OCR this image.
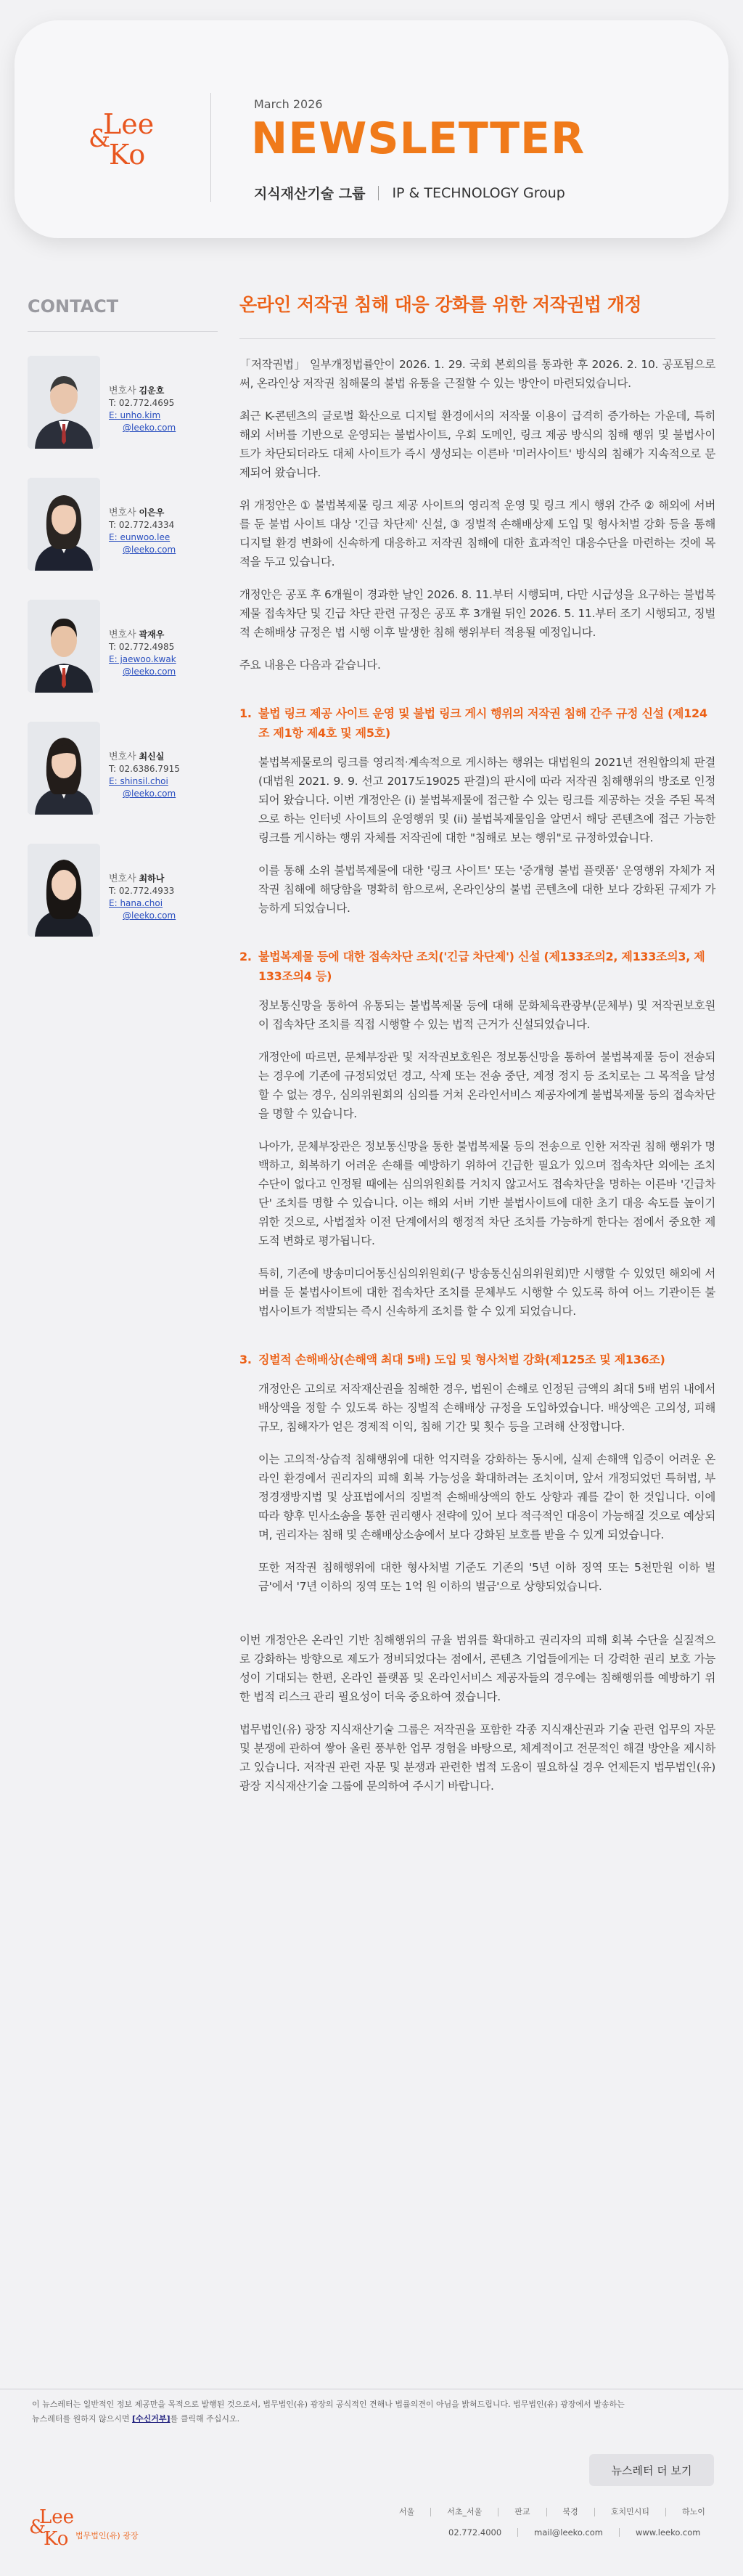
Lee
&
Ko
March 2026
NEWSLETTER
지식재산기술 그룹 IP & TECHNOLOGY Group
CONTACT
변호사 김운호
T: 02.772.4695
E: unho.kim
@leeko.com
변호사 이은우
T: 02.772.4334
E: eunwoo.lee
@leeko.com
변호사 곽재우
T: 02.772.4985
E: jaewoo.kwak
@leeko.com
변호사 최신실
T: 02.6386.7915
E: shinsil.choi
@leeko.com
변호사 최하나
T: 02.772.4933
E: hana.choi
@leeko.com
온라인 저작권 침해 대응 강화를 위한 저작권법 개정

「저작권법」 일부개정법률안이 2026. 1. 29. 국회 본회의를 통과한 후 2026. 2. 10. 공포됨으로써, 온라인상 저작권 침해물의 불법 유통을 근절할 수 있는 방안이 마련되었습니다.

최근 K-콘텐츠의 글로벌 확산으로 디지털 환경에서의 저작물 이용이 급격히 증가하는 가운데, 특히 해외 서버를 기반으로 운영되는 불법사이트, 우회 도메인, 링크 제공 방식의 침해 행위 및 불법사이트가 차단되더라도 대체 사이트가 즉시 생성되는 이른바 '미러사이트' 방식의 침해가 지속적으로 문제되어 왔습니다.

위 개정안은 ① 불법복제물 링크 제공 사이트의 영리적 운영 및 링크 게시 행위 간주 ② 해외에 서버를 둔 불법 사이트 대상 '긴급 차단제' 신설, ③ 징벌적 손해배상제 도입 및 형사처벌 강화 등을 통해 디지털 환경 변화에 신속하게 대응하고 저작권 침해에 대한 효과적인 대응수단을 마련하는 것에 목적을 두고 있습니다.

개정안은 공포 후 6개월이 경과한 날인 2026. 8. 11.부터 시행되며, 다만 시급성을 요구하는 불법복제물 접속차단 및 긴급 차단 관련 규정은 공포 후 3개월 뒤인 2026. 5. 11.부터 조기 시행되고, 징벌적 손해배상 규정은 법 시행 이후 발생한 침해 행위부터 적용될 예정입니다.

주요 내용은 다음과 같습니다.

1. 불법 링크 제공 사이트 운영 및 불법 링크 게시 행위의 저작권 침해 간주 규정 신설 (제124조 제1항 제4호 및 제5호)

불법복제물로의 링크를 영리적·계속적으로 게시하는 행위는 대법원의 2021년 전원합의체 판결(대법원 2021. 9. 9. 선고 2017도19025 판결)의 판시에 따라 저작권 침해행위의 방조로 인정되어 왔습니다. 이번 개정안은 (i) 불법복제물에 접근할 수 있는 링크를 제공하는 것을 주된 목적으로 하는 인터넷 사이트의 운영행위 및 (ii) 불법복제물임을 알면서 해당 콘텐츠에 접근 가능한 링크를 게시하는 행위 자체를 저작권에 대한 "침해로 보는 행위"로 규정하였습니다.

이를 통해 소위 불법복제물에 대한 '링크 사이트' 또는 '중개형 불법 플랫폼' 운영행위 자체가 저작권 침해에 해당함을 명확히 함으로써, 온라인상의 불법 콘텐츠에 대한 보다 강화된 규제가 가능하게 되었습니다.

2. 불법복제물 등에 대한 접속차단 조치('긴급 차단제') 신설 (제133조의2, 제133조의3, 제133조의4 등)

정보통신망을 통하여 유통되는 불법복제물 등에 대해 문화체육관광부(문체부) 및 저작권보호원이 접속차단 조치를 직접 시행할 수 있는 법적 근거가 신설되었습니다.

개정안에 따르면, 문체부장관 및 저작권보호원은 정보통신망을 통하여 불법복제물 등이 전송되는 경우에 기존에 규정되었던 경고, 삭제 또는 전송 중단, 계정 정지 등 조치로는 그 목적을 달성할 수 없는 경우, 심의위원회의 심의를 거쳐 온라인서비스 제공자에게 불법복제물 등의 접속차단을 명할 수 있습니다.

나아가, 문체부장관은 정보통신망을 통한 불법복제물 등의 전송으로 인한 저작권 침해 행위가 명백하고, 회복하기 어려운 손해를 예방하기 위하여 긴급한 필요가 있으며 접속차단 외에는 조치 수단이 없다고 인정될 때에는 심의위원회를 거치지 않고서도 접속차단을 명하는 이른바 '긴급차단' 조치를 명할 수 있습니다. 이는 해외 서버 기반 불법사이트에 대한 초기 대응 속도를 높이기 위한 것으로, 사법절차 이전 단계에서의 행정적 차단 조치를 가능하게 한다는 점에서 중요한 제도적 변화로 평가됩니다.

특히, 기존에 방송미디어통신심의위원회(구 방송통신심의위원회)만 시행할 수 있었던 해외에 서버를 둔 불법사이트에 대한 접속차단 조치를 문체부도 시행할 수 있도록 하여 어느 기관이든 불법사이트가 적발되는 즉시 신속하게 조치를 할 수 있게 되었습니다.

3. 징벌적 손해배상(손해액 최대 5배) 도입 및 형사처벌 강화(제125조 및 제136조)

개정안은 고의로 저작재산권을 침해한 경우, 법원이 손해로 인정된 금액의 최대 5배 범위 내에서 배상액을 정할 수 있도록 하는 징벌적 손해배상 규정을 도입하였습니다. 배상액은 고의성, 피해 규모, 침해자가 얻은 경제적 이익, 침해 기간 및 횟수 등을 고려해 산정합니다.

이는 고의적·상습적 침해행위에 대한 억지력을 강화하는 동시에, 실제 손해액 입증이 어려운 온라인 환경에서 권리자의 피해 회복 가능성을 확대하려는 조치이며, 앞서 개정되었던 특허법, 부정경쟁방지법 및 상표법에서의 징벌적 손해배상액의 한도 상향과 궤를 같이 한 것입니다. 이에 따라 향후 민사소송을 통한 권리행사 전략에 있어 보다 적극적인 대응이 가능해질 것으로 예상되며, 권리자는 침해 및 손해배상소송에서 보다 강화된 보호를 받을 수 있게 되었습니다.

또한 저작권 침해행위에 대한 형사처벌 기준도 기존의 '5년 이하 징역 또는 5천만원 이하 벌금'에서 '7년 이하의 징역 또는 1억 원 이하의 벌금'으로 상향되었습니다.

이번 개정안은 온라인 기반 침해행위의 규율 범위를 확대하고 권리자의 피해 회복 수단을 실질적으로 강화하는 방향으로 제도가 정비되었다는 점에서, 콘텐츠 기업들에게는 더 강력한 권리 보호 가능성이 기대되는 한편, 온라인 플랫폼 및 온라인서비스 제공자들의 경우에는 침해행위를 예방하기 위한 법적 리스크 관리 필요성이 더욱 중요하여 졌습니다.

법무법인(유) 광장 지식재산기술 그룹은 저작권을 포함한 각종 지식재산권과 기술 관련 업무의 자문 및 분쟁에 관하여 쌓아 올린 풍부한 업무 경험을 바탕으로, 체계적이고 전문적인 해결 방안을 제시하고 있습니다. 저작권 관련 자문 및 분쟁과 관련한 법적 도움이 필요하실 경우 언제든지 법무법인(유) 광장 지식재산기술 그룹에 문의하여 주시기 바랍니다.

이 뉴스레터는 일반적인 정보 제공만을 목적으로 발행된 것으로서, 법무법인(유) 광장의 공식적인 견해나 법률의견이 아님을 밝혀드립니다. 법무법인(유) 광장에서 발송하는
뉴스레터를 원하지 않으시면 [수신거부]를 클릭해 주십시오.
뉴스레터 더 보기
Lee
&
Ko 법무법인(유) 광장
서울	서초_서울	판교	북경	호치민시티	하노이
02.772.4000	mail@leeko.com	www.leeko.com
